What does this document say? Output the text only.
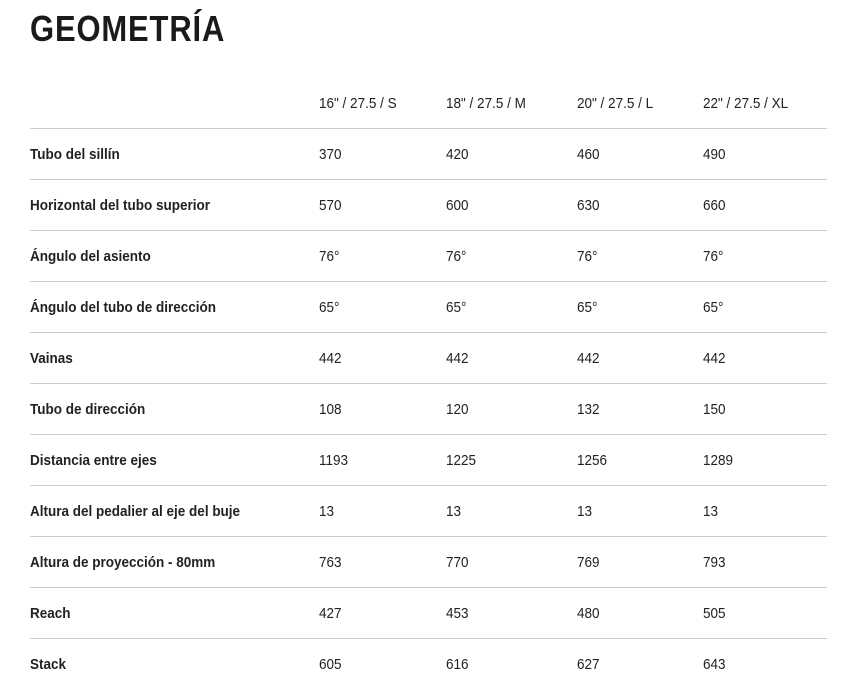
GEOMETRÍA
	16" / 27.5 / S	18" / 27.5 / M	20" / 27.5 / L	22" / 27.5 / XL
Tubo del sillín	370	420	460	490
Horizontal del tubo superior	570	600	630	660
Ángulo del asiento	76°	76°	76°	76°
Ángulo del tubo de dirección	65°	65°	65°	65°
Vainas	442	442	442	442
Tubo de dirección	108	120	132	150
Distancia entre ejes	1193	1225	1256	1289
Altura del pedalier al eje del buje	13	13	13	13
Altura de proyección - 80mm	763	770	769	793
Reach	427	453	480	505
Stack	605	616	627	643
